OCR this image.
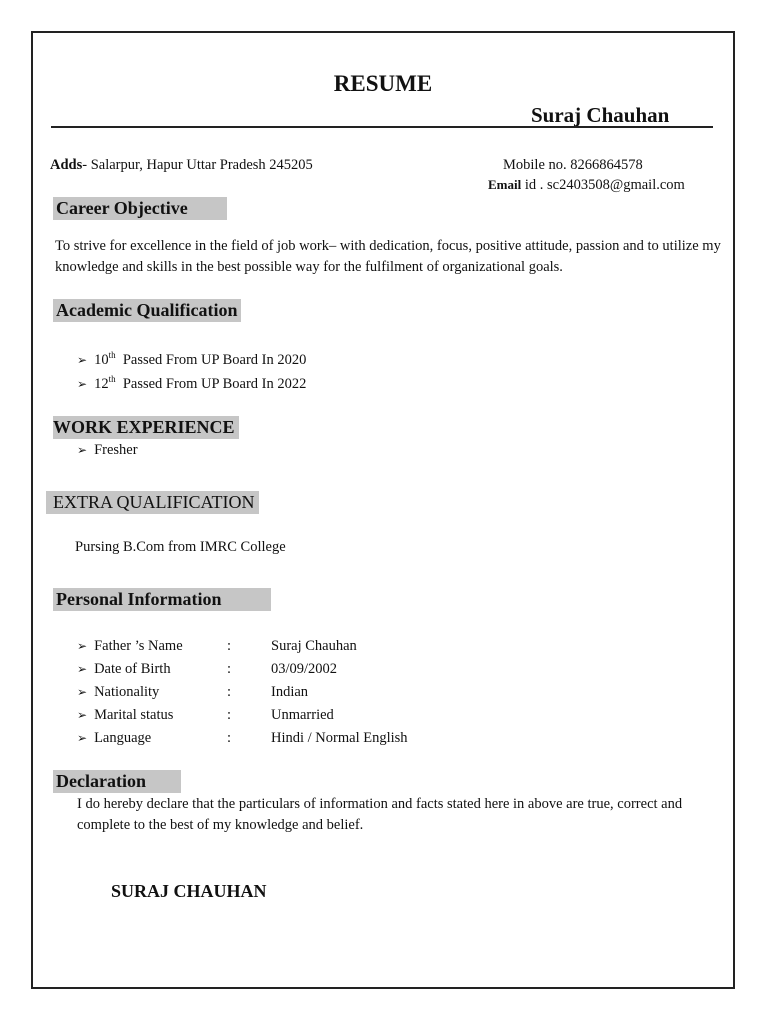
RESUME
Suraj Chauhan
Adds- Salarpur, Hapur Uttar Pradesh 245205	Mobile no. 8266864578
Email id . sc2403508@gmail.com
Career Objective
To strive for excellence in the field of job work– with dedication, focus, positive attitude, passion and to utilize my knowledge and skills in the best possible way for the fulfilment of organizational goals.
Academic Qualification
➢ 10th Passed From UP Board In 2020
➢ 12th Passed From UP Board In 2022
WORK EXPERIENCE
➢ Fresher
EXTRA QUALIFICATION
Pursing B.Com from IMRC College
Personal Information
➢ Father ’s Name	:	Suraj Chauhan
➢ Date of Birth	:	03/09/2002
➢ Nationality	:	Indian
➢ Marital status	:	Unmarried
➢ Language	:	Hindi / Normal English
Declaration
I do hereby declare that the particulars of information and facts stated here in above are true, correct and complete to the best of my knowledge and belief.
SURAJ CHAUHAN
